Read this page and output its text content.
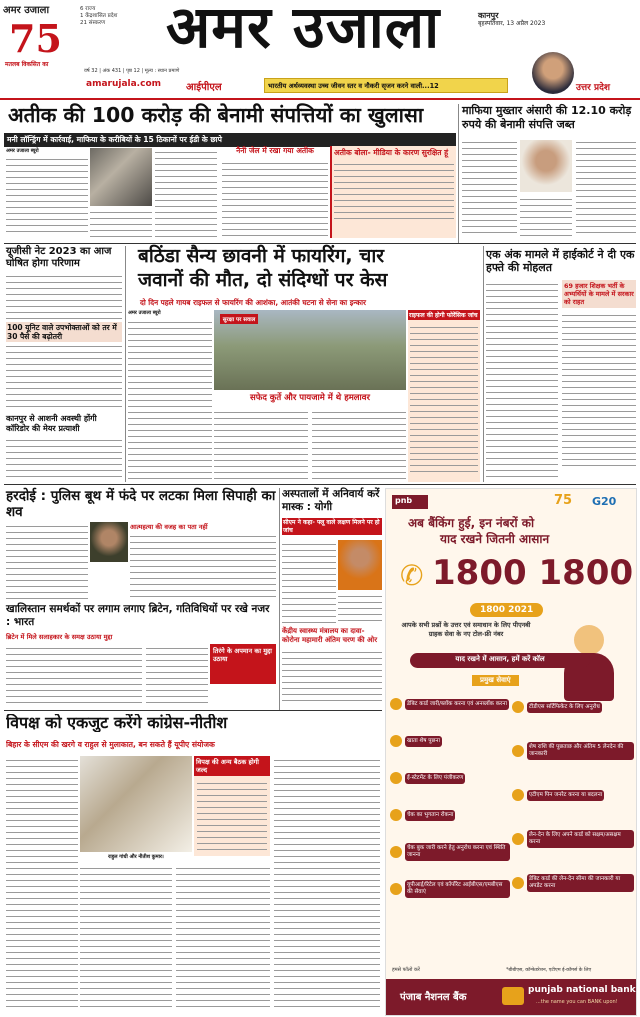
अमर उजाला
75
मतलब विकसित का
6 राज्य
1 केंद्रशासित प्रदेश
21 संस्करण अमर उजाला	कानपुर
बृहस्पतिवार, 13 अप्रैल 2023
वर्ष 32 | अंक 431 | पृष्ठ 12 | मूल्य : स्थान प्रमाणे
amarujala.com आईपीएल	भारतीय अर्थव्यवस्था उच्च जीवन स्तर व नौकरी सृजन करने वाली...12	उत्तर प्रदेश
अतीक की 100 करोड़ की बेनामी संपत्तियों का खुलासा
मनी लॉन्ड्रिंग में कार्रवाई, माफिया के करीबियों के 15 ठिकानों पर ईडी के छापे
अमर उजाला ब्यूरो	नैनी जेल में रखा गया अतीक	अतीक बोला- मीडिया के कारण सुरक्षित हूं
माफिया मुख्तार अंसारी की 12.10 करोड़ रुपये की बेनामी संपत्ति जब्त
यूजीसी नेट 2023 का आज घोषित होगा परिणाम
100 यूनिट वाले उपभोक्ताओं को तर में 30 पैसे की बढ़ोतरी
कानपुर से आशनी अवस्थी होंगी कॉरिडोर की मेयर प्रत्याशी
बठिंडा सैन्य छावनी में फायरिंग, चार
जवानों की मौत, दो संदिग्धों पर केस
दो दिन पहले गायब राइफल से फायरिंग की आशंका, आतंकी घटना से सेना का इन्कार
अमर उजाला ब्यूरो
सुरक्षा पर सवाल
राइफल की होगी फोरेंसिक जांच
सफेद कुर्ते और पायजामे में थे हमलावर
एक अंक मामले में हाईकोर्ट ने दी एक हफ्ते की मोहलत
69 हजार शिक्षक भर्ती के अभ्यर्थियों के मामले में सरकार को राहत
हरदोई : पुलिस बूथ में फंदे पर लटका मिला सिपाही का शव
आत्महत्या की वजह का पता नहीं
खालिस्तान समर्थकों पर लगाम लगाए ब्रिटेन, गतिविधियों पर रखे नजर : भारत
ब्रिटेन में मिले सलाहकार के समक्ष उठाया मुद्दा
तिरंगे के अपमान का मुद्दा उठाया
अस्पतालों में अनिवार्य करें मास्क : योगी
सीएम ने कहा- फ्लू वाले लक्षण मिलने पर हो जांच
केंद्रीय स्वास्थ्य मंत्रालय का दावा- कोरोना महामारी अंतिम चरण की ओर
pnb	75 G20
अब बैंकिंग हुई, इन नंबरों को
याद रखने जितनी आसान
✆ 1800 1800
1800 2021
आपके सभी प्रश्नों के उत्तर एवं समाधान के लिए पीएनबी ग्राहक सेवा के नए टोल-फ्री नंबर
याद रखने में आसान, हमें करें कॉल
प्रमुख सेवाएं
डेबिट कार्ड जारी/ब्लॉक करना एवं अनब्लॉक करना
खाता शेष पूछना
ई-स्टेटमेंट के लिए पंजीकरण
चेक का भुगतान रोकना
चेक बुक जारी करने हेतु अनुरोध करना एवं स्थिति जानना
यूपीआई/रिटेल एवं कॉर्पोरेट आईबीएस/एमबीएस की सेवाएं
टीडीएस सर्टिफिकेट के लिए अनुरोध
शेष राशि की पूछताछ और अंतिम 5 लेनदेन की जानकारी
एटीएम पिन जनरेट करना या बदलना
लेन-देन के लिए अपने कार्ड को सक्षम/असक्षम करना
डेबिट कार्ड की लेन-देन सीमा की जानकारी या अपडेट करना
हमसे फॉलो करें	*बीबीएस, कॉन्फेडरेशन, एटीएम ई-कॉमर्स के लिए
पंजाब नैशनल बैंक
punjab national bank
...the name you can BANK upon!
विपक्ष को एकजुट करेंगे कांग्रेस-नीतीश
बिहार के सीएम की खरगे व राहुल से मुलाकात, बन सकते हैं यूपीए संयोजक
राहुल गांधी और नीतीश कुमार।
विपक्ष की अन्य बैठक होगी जल्द
